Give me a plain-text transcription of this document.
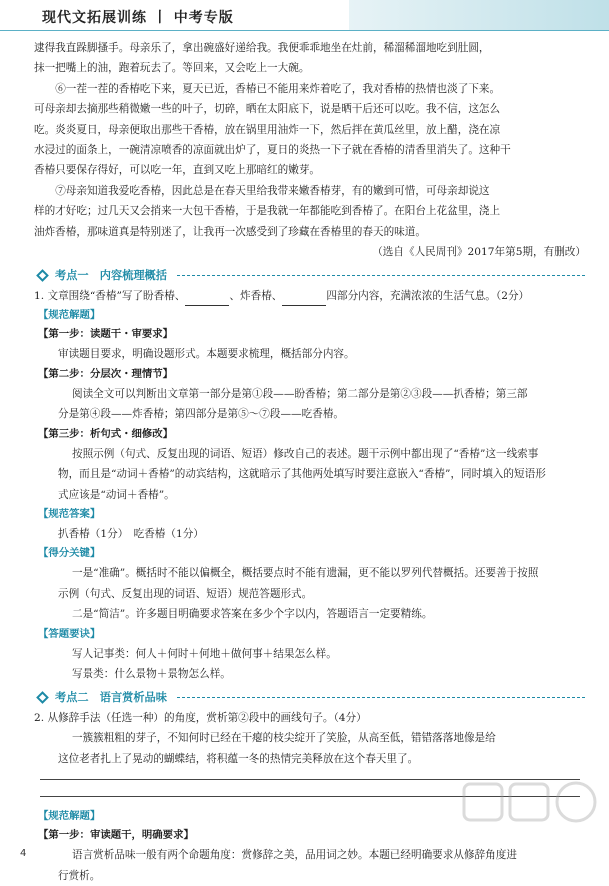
现代文拓展训练 丨 中考专版

逮得我直跺脚搔手。母亲乐了，拿出碗盛好递给我。我便乖乖地坐在灶前，稀溜稀溜地吃到肚圆，

抹一把嘴上的油，跑着玩去了。等回来，又会吃上一大碗。

⑥一茬一茬的香椿吃下来，夏天已近，香椿已不能用来炸着吃了，我对香椿的热情也淡了下来。

可母亲却去摘那些稍微嫩一些的叶子，切碎，晒在太阳底下，说是晒干后还可以吃。我不信，这怎么

吃。炎炎夏日，母亲便取出那些干香椿，放在锅里用油炸一下，然后拌在黄瓜丝里，放上醋，浇在凉

水浸过的面条上，一碗清凉喷香的凉面就出炉了，夏日的炎热一下子就在香椿的清香里消失了。这种干

香椿只要保存得好，可以吃一年，直到又吃上那暗红的嫩芽。

⑦母亲知道我爱吃香椿，因此总是在春天里给我带来嫩香椿芽，有的嫩到可惜，可母亲却说这

样的才好吃；过几天又会捎来一大包干香椿，于是我就一年都能吃到香椿了。在阳台上花盆里，浇上

油炸香椿，那味道真是特别迷了，让我再一次感受到了珍藏在香椿里的春天的味道。

（选自《人民周刊》2017年第5期，有删改）

考点一　内容梳理概括

1. 文章围绕“香椿”写了盼香椿、	、炸香椿、	四部分内容，充满浓浓的生活气息。（2分）

【规范解题】
【第一步：读题干・审要求】

审读题目要求，明确设题形式。本题要求梳理，概括部分内容。

【第二步：分层次・理情节】

阅读全文可以判断出文章第一部分是第①段——盼香椿；第二部分是第②③段——扒香椿；第三部

分是第④段——炸香椿；第四部分是第⑤～⑦段——吃香椿。

【第三步：析句式・细修改】

按照示例（句式、反复出现的词语、短语）修改自己的表述。题干示例中都出现了“香椿”这一线索事

物，而且是“动词＋香椿”的动宾结构，这就暗示了其他两处填写时要注意嵌入“香椿”，同时填入的短语形

式应该是“动词＋香椿”。

【规范答案】

扒香椿（1分）　吃香椿（1分）

【得分关键】

一是“准确”。概括时不能以偏概全，概括要点时不能有遗漏，更不能以罗列代替概括。还要善于按照

示例（句式、反复出现的词语、短语）规范答题形式。

二是“简洁”。许多题目明确要求答案在多少个字以内，答题语言一定要精练。

【答题要诀】

写人记事类：何人＋何时＋何地＋做何事＋结果怎么样。

写景类：什么景物＋景物怎么样。

考点二　语言赏析品味

2. 从修辞手法（任选一种）的角度，赏析第②段中的画线句子。（4分）

一簇簇粗粗的芽子，不知何时已经在干瘪的枝尖绽开了笑脸，从高至低，错错落落地像是给

这位老者扎上了晃动的蝴蝶结，将积蕴一冬的热情完美释放在这个春天里了。

【规范解题】
【第一步：审读题干，明确要求】

语言赏析品味一般有两个命题角度：赏修辞之美，品用词之妙。本题已经明确要求从修辞角度进

行赏析。

4
